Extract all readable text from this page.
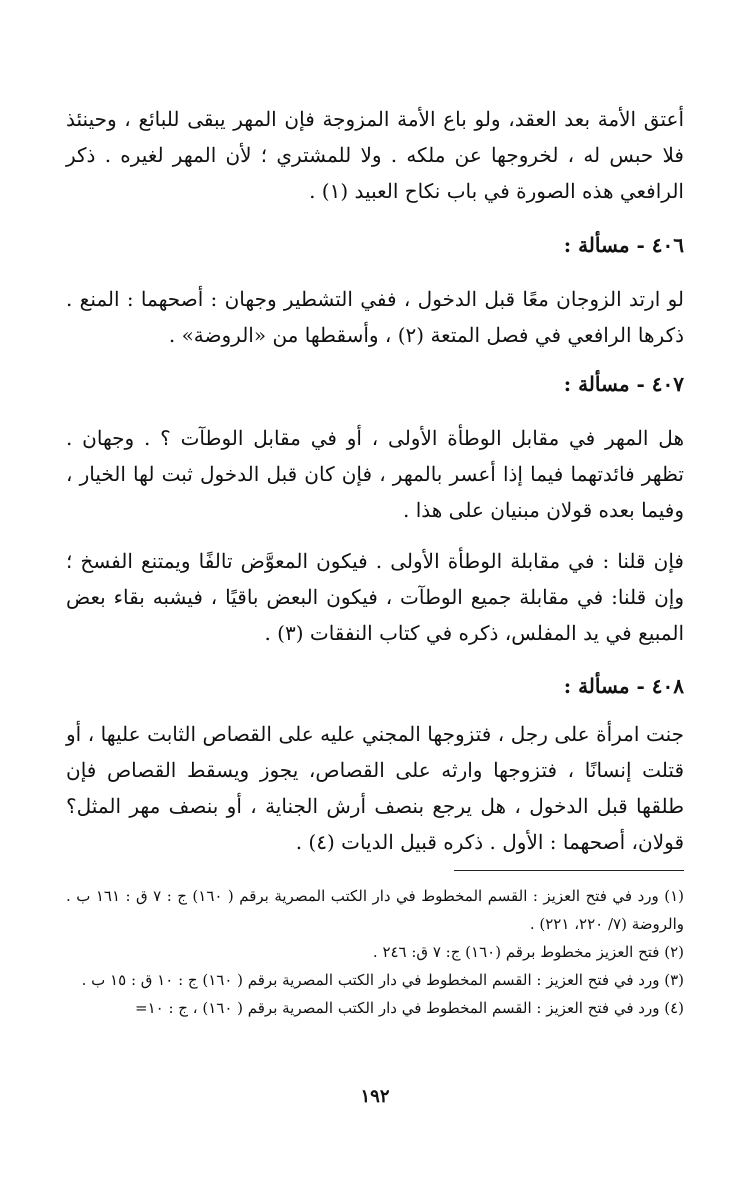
أعتق الأمة بعد العقد، ولو باع الأمة المزوجة فإن المهر يبقى للبائع ، وحينئذ فلا حبس له ، لخروجها عن ملكه . ولا للمشتري ؛ لأن المهر لغيره . ذكر الرافعي هذه الصورة في باب نكاح العبيد (١) .

٤٠٦ - مسألة :

لو ارتد الزوجان معًا قبل الدخول ، ففي التشطير وجهان : أصحهما : المنع . ذكرها الرافعي في فصل المتعة (٢) ، وأسقطها من «الروضة» .

٤٠٧ - مسألة :

هل المهر في مقابل الوطأة الأولى ، أو في مقابل الوطآت ؟ . وجهان . تظهر فائدتهما فيما إذا أعسر بالمهر ، فإن كان قبل الدخول ثبت لها الخيار ، وفيما بعده قولان مبنيان على هذا .

فإن قلنا : في مقابلة الوطأة الأولى . فيكون المعوَّض تالفًا ويمتنع الفسخ ؛ وإن قلنا: في مقابلة جميع الوطآت ، فيكون البعض باقيًا ، فيشبه بقاء بعض المبيع في يد المفلس، ذكره في كتاب النفقات (٣) .

٤٠٨ - مسألة :

جنت امرأة على رجل ، فتزوجها المجني عليه على القصاص الثابت عليها ، أو قتلت إنسانًا ، فتزوجها وارثه على القصاص، يجوز ويسقط القصاص فإن طلقها قبل الدخول ، هل يرجع بنصف أرش الجناية ، أو بنصف مهر المثل؟ قولان، أصحهما : الأول . ذكره قبيل الديات (٤) .

(١) ورد في فتح العزيز : القسم المخطوط في دار الكتب المصرية برقم ( ١٦٠) ج : ٧ ق : ١٦١ ب . والروضة (٧/ ٢٢٠، ٢٢١) .

(٢) فتح العزيز مخطوط برقم (١٦٠) ج: ٧ ق: ٢٤٦ .

(٣) ورد في فتح العزيز : القسم المخطوط في دار الكتب المصرية برقم ( ١٦٠) ج : ١٠ ق : ١٥ ب .

(٤) ورد في فتح العزيز : القسم المخطوط في دار الكتب المصرية برقم ( ١٦٠) ، ج : ١٠=

١٩٢
